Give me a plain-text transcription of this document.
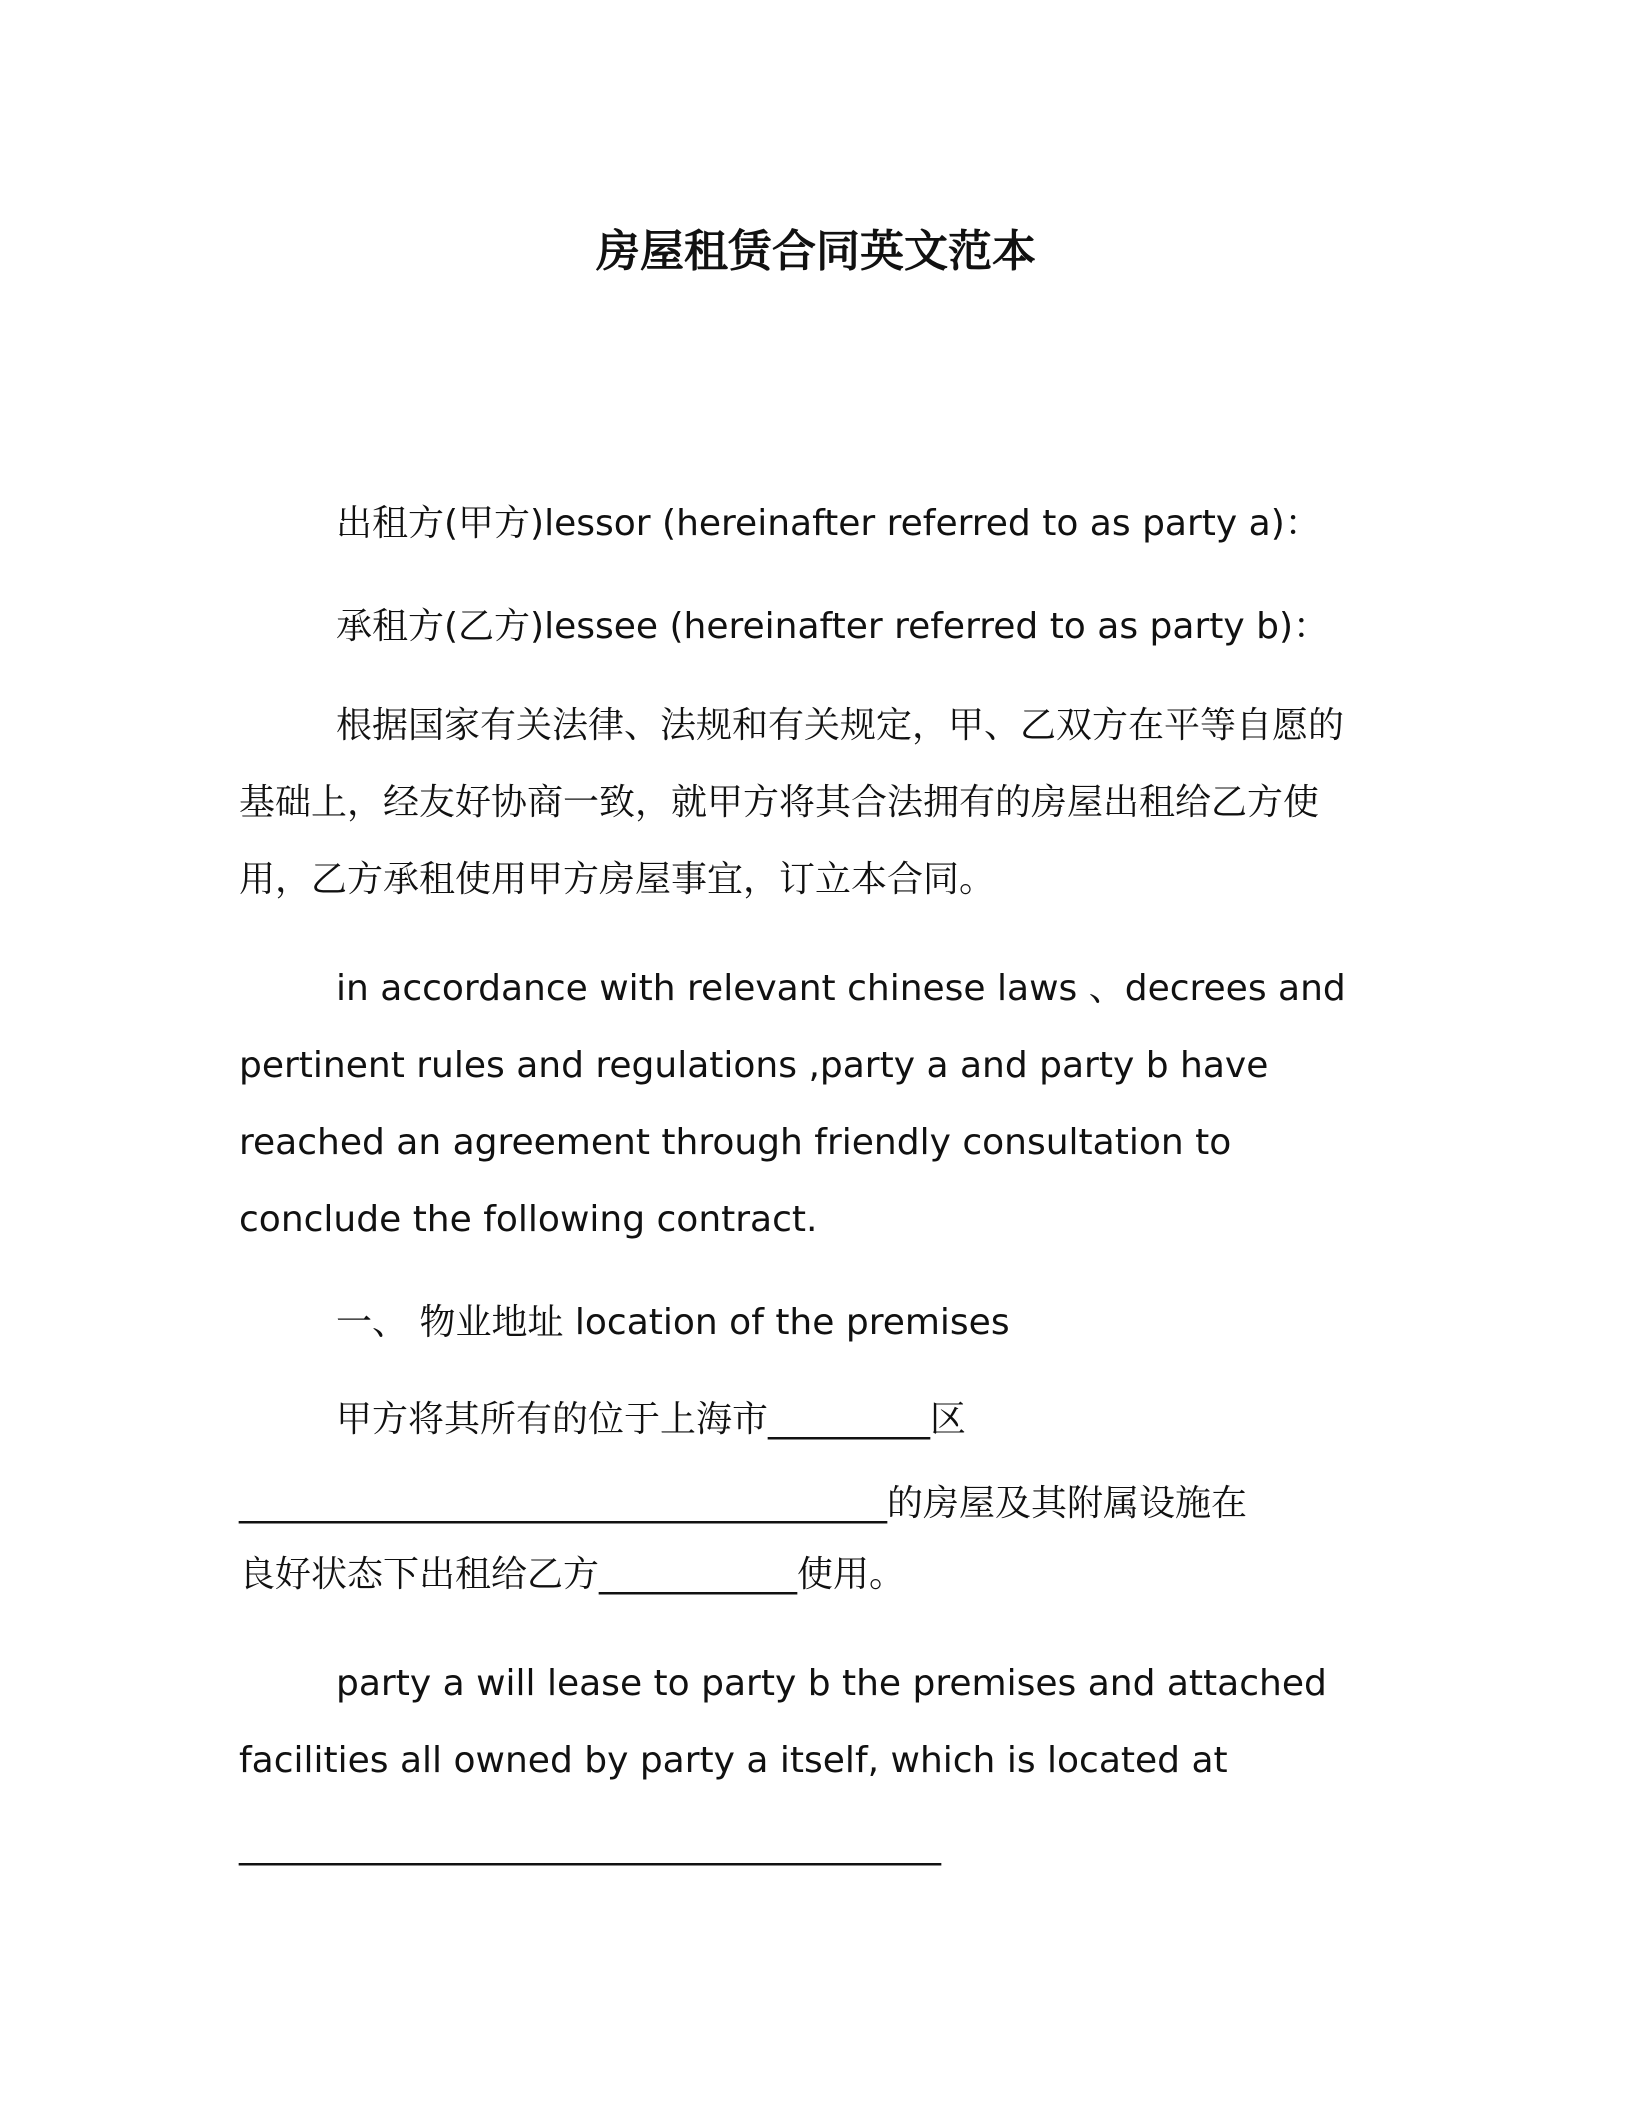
房屋租赁合同英文范本
出租方(甲方)lessor (hereinafter referred to as party a)：
承租方(乙方)lessee (hereinafter referred to as party b)：
根据国家有关法律、法规和有关规定，甲、乙双方在平等自愿的
基础上，经友好协商一致，就甲方将其合法拥有的房屋出租给乙方使
用，乙方承租使用甲方房屋事宜，订立本合同。
in accordance with relevant chinese laws 、decrees and
pertinent rules and regulations ,party a and party b have
reached an agreement through friendly consultation to
conclude the following contract.
一、 物业地址 location of the premises
甲方将其所有的位于上海市_________区
____________________________________的房屋及其附属设施在
良好状态下出租给乙方___________使用。
party a will lease to party b the premises and attached
facilities all owned by party a itself, which is located at
_______________________________________
